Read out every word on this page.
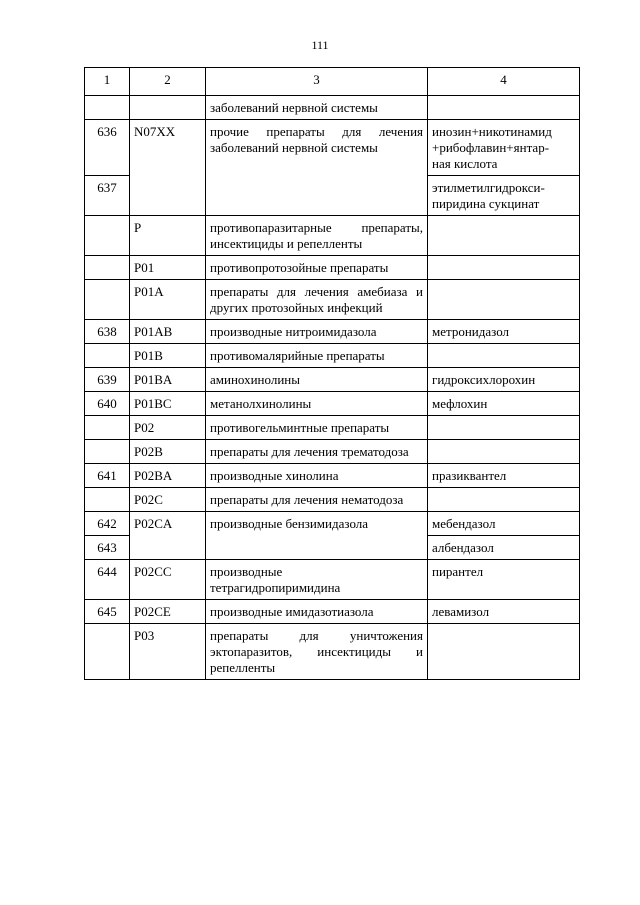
111
1	2	3	4
		заболеваний нервной системы	
636	N07XX	прочие препараты для лечения заболеваний нервной системы	инозин+никотинамид
+рибофлавин+янтар-
ная кислота
637			этилметилгидрокси-
пиридина сукцинат
	P	противопаразитарные препараты, инсектициды и репелленты	
	P01	противопротозойные препараты	
	P01A	препараты для лечения амебиаза и других протозойных инфекций	
638	P01AB	производные нитроимидазола	метронидазол
	P01B	противомалярийные препараты	
639	P01BA	аминохинолины	гидроксихлорохин
640	P01BC	метанолхинолины	мефлохин
	P02	противогельминтные препараты	
	P02B	препараты для лечения трематодоза	
641	P02BA	производные хинолина	празиквантел
	P02C	препараты для лечения нематодоза	
642	P02CA	производные бензимидазола	мебендазол
643			албендазол
644	P02CC	производные тетрагидропиримидина	пирантел
645	P02CE	производные имидазотиазола	левамизол
	P03	препараты для уничтожения эктопаразитов, инсектициды и репелленты	
